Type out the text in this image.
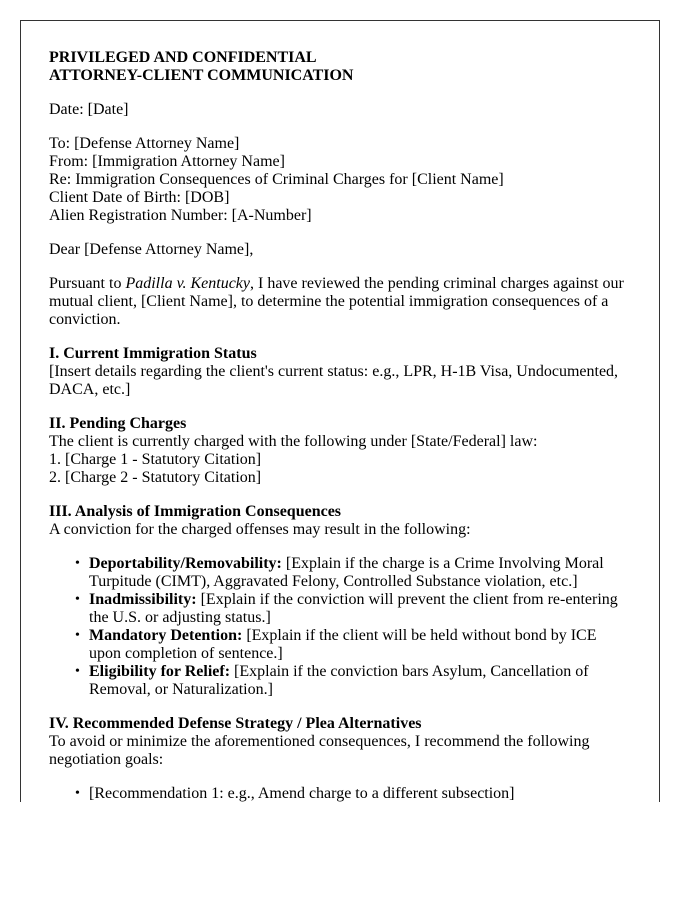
PRIVILEGED AND CONFIDENTIAL
ATTORNEY-CLIENT COMMUNICATION

Date: [Date]

To: [Defense Attorney Name]

From: [Immigration Attorney Name]

Re: Immigration Consequences of Criminal Charges for [Client Name]

Client Date of Birth: [DOB]

Alien Registration Number: [A-Number]

Dear [Defense Attorney Name],

Pursuant to Padilla v. Kentucky, I have reviewed the pending criminal charges against our mutual client, [Client Name], to determine the potential immigration consequences of a conviction.

I. Current Immigration Status

[Insert details regarding the client's current status: e.g., LPR, H-1B Visa, Undocumented, DACA, etc.]

II. Pending Charges

The client is currently charged with the following under [State/Federal] law:

1. [Charge 1 - Statutory Citation]

2. [Charge 2 - Statutory Citation]

III. Analysis of Immigration Consequences

A conviction for the charged offenses may result in the following:

• Deportability/Removability: [Explain if the charge is a Crime Involving Moral Turpitude (CIMT), Aggravated Felony, Controlled Substance violation, etc.]
• Inadmissibility: [Explain if the conviction will prevent the client from re-entering the U.S. or adjusting status.]
• Mandatory Detention: [Explain if the client will be held without bond by ICE upon completion of sentence.]
• Eligibility for Relief: [Explain if the conviction bars Asylum, Cancellation of Removal, or Naturalization.]

IV. Recommended Defense Strategy / Plea Alternatives

To avoid or minimize the aforementioned consequences, I recommend the following negotiation goals:

• [Recommendation 1: e.g., Amend charge to a different subsection]
